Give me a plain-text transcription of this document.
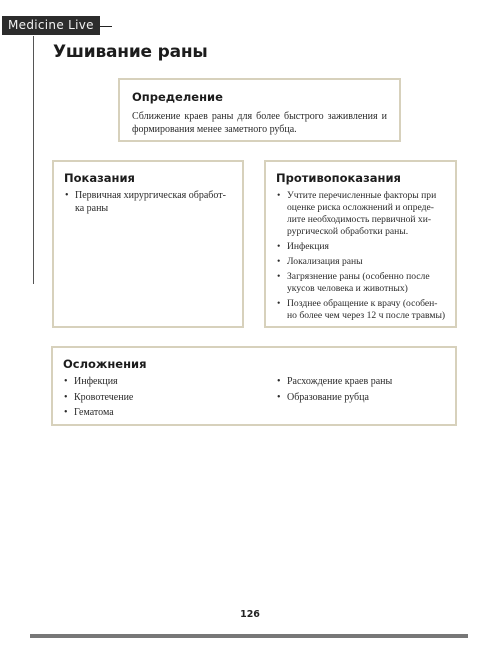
Medicine Live
Ушивание раны
Определение

Сближение краев раны для более быстрого заживления и формирования менее заметного рубца.

Показания
• Первичная хирургическая обработ-ка раны
Противопоказания
• Учтите перечисленные факторы при оценке риска осложнений и опреде-лите необходимость первичной хи-рургической обработки раны.
• Инфекция
• Локализация раны
• Загрязнение раны (особенно после укусов человека и животных)
• Позднее обращение к врачу (особен-но более чем через 12 ч после травмы)
Осложнения
• Инфекция
• Кровотечение
• Гематома
• Расхождение краев раны
• Образование рубца
126
